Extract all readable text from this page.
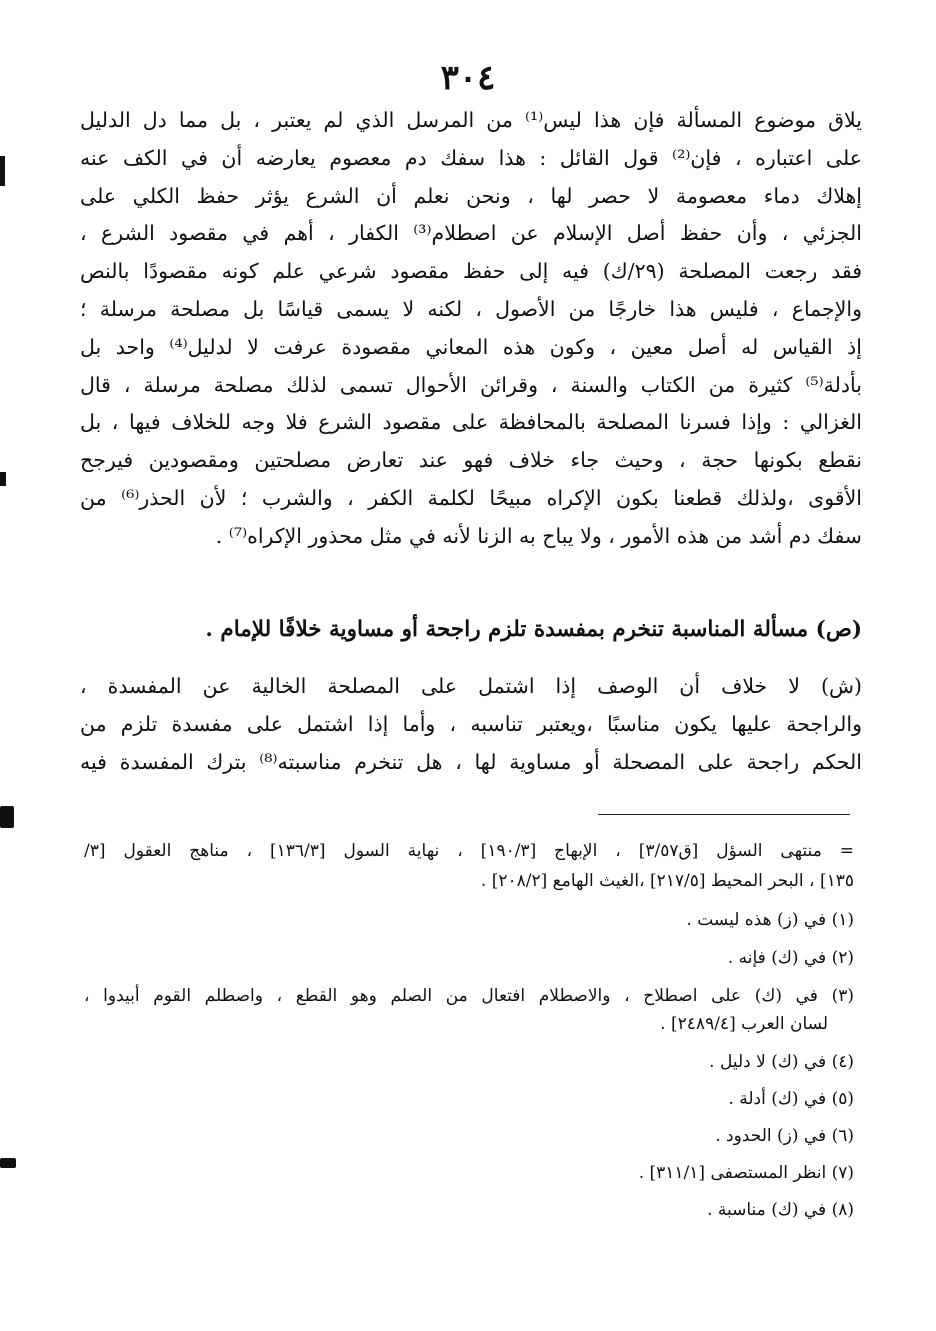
٣٠٤
يلاق موضوع المسألة فإن هذا ليس⁽¹⁾ من المرسل الذي لم يعتبر ، بل مما دل الدليل
على اعتباره ، فإن⁽²⁾ قول القائل : هذا سفك دم معصوم يعارضه أن في الكف عنه
إهلاك دماء معصومة لا حصر لها ، ونحن نعلم أن الشرع يؤثر حفظ الكلي على
الجزئي ، وأن حفظ أصل الإسلام عن اصطلام⁽³⁾ الكفار ، أهم في مقصود الشرع ،
فقد رجعت المصلحة (٢٩/ك) فيه إلى حفظ مقصود شرعي علم كونه مقصودًا بالنص
والإجماع ، فليس هذا خارجًا من الأصول ، لكنه لا يسمى قياسًا بل مصلحة مرسلة ؛
إذ القياس له أصل معين ، وكون هذه المعاني مقصودة عرفت لا لدليل⁽⁴⁾ واحد بل
بأدلة⁽⁵⁾ كثيرة من الكتاب والسنة ، وقرائن الأحوال تسمى لذلك مصلحة مرسلة ، قال
الغزالي : وإذا فسرنا المصلحة بالمحافظة على مقصود الشرع فلا وجه للخلاف فيها ، بل
نقطع بكونها حجة ، وحيث جاء خلاف فهو عند تعارض مصلحتين ومقصودين فيرجح
الأقوى ،ولذلك قطعنا بكون الإكراه مبيحًا لكلمة الكفر ، والشرب ؛ لأن الحذر⁽⁶⁾ من
سفك دم أشد من هذه الأمور ، ولا يباح به الزنا لأنه في مثل محذور الإكراه⁽⁷⁾ .
(ص) مسألة المناسبة تنخرم بمفسدة تلزم راجحة أو مساوية خلافًا للإمام .
(ش) لا خلاف أن الوصف إذا اشتمل على المصلحة الخالية عن المفسدة ،
والراجحة عليها يكون مناسبًا ،ويعتبر تناسبه ، وأما إذا اشتمل على مفسدة تلزم من
الحكم راجحة على المصحلة أو مساوية لها ، هل تنخرم مناسبته⁽⁸⁾ بترك المفسدة فيه
= منتهى السؤل [ق٣/٥٧] ، الإبهاج [١٩٠/٣] ، نهاية السول [١٣٦/٣] ، مناهج العقول [٣/
١٣٥] ، البحر المحيط [٢١٧/٥] ،الغيث الهامع [٢٠٨/٢] .
(١) في (ز) هذه ليست .
(٢) في (ك) فإنه .
(٣) في (ك) على اصطلاح ، والاصطلام افتعال من الصلم وهو القطع ، واصطلم القوم أبيدوا ،
لسان العرب [٢٤٨٩/٤] .
(٤) في (ك) لا دليل .
(٥) في (ك) أدلة .
(٦) في (ز) الحدود .
(٧) انظر المستصفى [٣١١/١] .
(٨) في (ك) مناسبة .
